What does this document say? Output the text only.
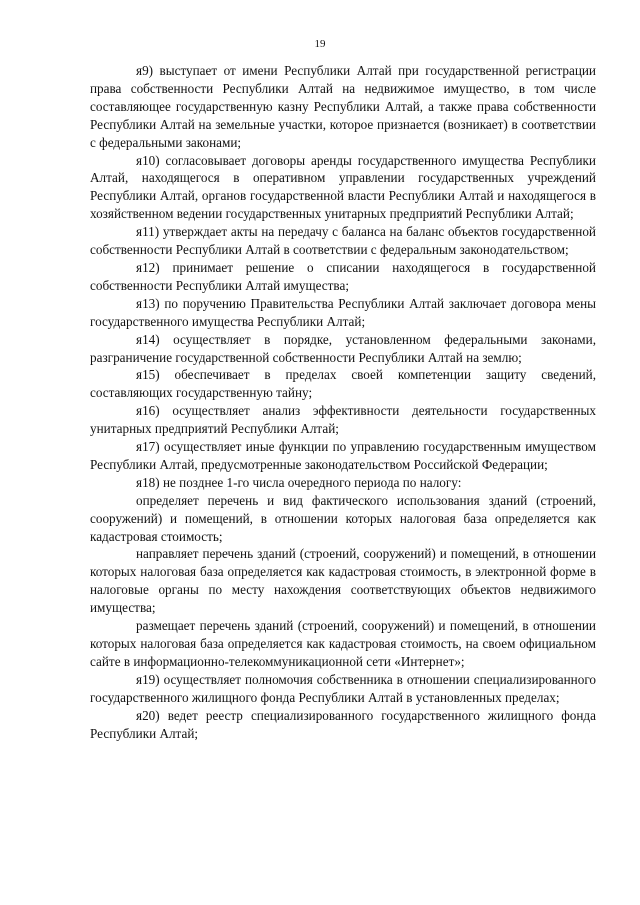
19

я9) выступает от имени Республики Алтай при государственной регистрации права собственности Республики Алтай на недвижимое имущество, в том числе составляющее государственную казну Республики Алтай, а также права собственности Республики Алтай на земельные участки, которое признается (возникает) в соответствии с федеральными законами;

я10) согласовывает договоры аренды государственного имущества Республики Алтай, находящегося в оперативном управлении государственных учреждений Республики Алтай, органов государственной власти Республики Алтай и находящегося в хозяйственном ведении государственных унитарных предприятий Республики Алтай;

я11) утверждает акты на передачу с баланса на баланс объектов государственной собственности Республики Алтай в соответствии с федеральным законодательством;

я12) принимает решение о списании находящегося в государственной собственности Республики Алтай имущества;

я13) по поручению Правительства Республики Алтай заключает договора мены государственного имущества Республики Алтай;

я14) осуществляет в порядке, установленном федеральными законами, разграничение государственной собственности Республики Алтай на землю;

я15) обеспечивает в пределах своей компетенции защиту сведений, составляющих государственную тайну;

я16) осуществляет анализ эффективности деятельности государственных унитарных предприятий Республики Алтай;

я17) осуществляет иные функции по управлению государственным имуществом Республики Алтай, предусмотренные законодательством Российской Федерации;

я18) не позднее 1-го числа очередного периода по налогу:

определяет перечень и вид фактического использования зданий (строений, сооружений) и помещений, в отношении которых налоговая база определяется как кадастровая стоимость;

направляет перечень зданий (строений, сооружений) и помещений, в отношении которых налоговая база определяется как кадастровая стоимость, в электронной форме в налоговые органы по месту нахождения соответствующих объектов недвижимого имущества;

размещает перечень зданий (строений, сооружений) и помещений, в отношении которых налоговая база определяется как кадастровая стоимость, на своем официальном сайте в информационно-телекоммуникационной сети «Интернет»;

я19) осуществляет полномочия собственника в отношении специализированного государственного жилищного фонда Республики Алтай в установленных пределах;

я20) ведет реестр специализированного государственного жилищного фонда Республики Алтай;
